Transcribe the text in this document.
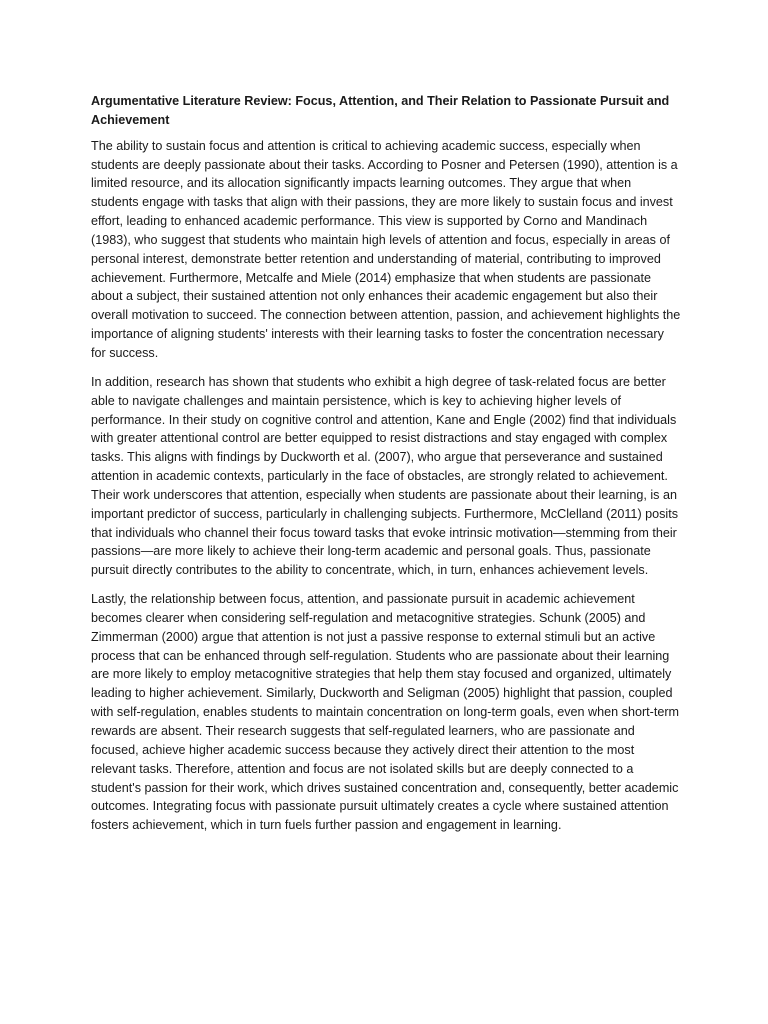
Argumentative Literature Review: Focus, Attention, and Their Relation to Passionate Pursuit and Achievement

The ability to sustain focus and attention is critical to achieving academic success, especially when students are deeply passionate about their tasks. According to Posner and Petersen (1990), attention is a limited resource, and its allocation significantly impacts learning outcomes. They argue that when students engage with tasks that align with their passions, they are more likely to sustain focus and invest effort, leading to enhanced academic performance. This view is supported by Corno and Mandinach (1983), who suggest that students who maintain high levels of attention and focus, especially in areas of personal interest, demonstrate better retention and understanding of material, contributing to improved achievement. Furthermore, Metcalfe and Miele (2014) emphasize that when students are passionate about a subject, their sustained attention not only enhances their academic engagement but also their overall motivation to succeed. The connection between attention, passion, and achievement highlights the importance of aligning students' interests with their learning tasks to foster the concentration necessary for success.

In addition, research has shown that students who exhibit a high degree of task-related focus are better able to navigate challenges and maintain persistence, which is key to achieving higher levels of performance. In their study on cognitive control and attention, Kane and Engle (2002) find that individuals with greater attentional control are better equipped to resist distractions and stay engaged with complex tasks. This aligns with findings by Duckworth et al. (2007), who argue that perseverance and sustained attention in academic contexts, particularly in the face of obstacles, are strongly related to achievement. Their work underscores that attention, especially when students are passionate about their learning, is an important predictor of success, particularly in challenging subjects. Furthermore, McClelland (2011) posits that individuals who channel their focus toward tasks that evoke intrinsic motivation—stemming from their passions—are more likely to achieve their long-term academic and personal goals. Thus, passionate pursuit directly contributes to the ability to concentrate, which, in turn, enhances achievement levels.

Lastly, the relationship between focus, attention, and passionate pursuit in academic achievement becomes clearer when considering self-regulation and metacognitive strategies. Schunk (2005) and Zimmerman (2000) argue that attention is not just a passive response to external stimuli but an active process that can be enhanced through self-regulation. Students who are passionate about their learning are more likely to employ metacognitive strategies that help them stay focused and organized, ultimately leading to higher achievement. Similarly, Duckworth and Seligman (2005) highlight that passion, coupled with self-regulation, enables students to maintain concentration on long-term goals, even when short-term rewards are absent. Their research suggests that self-regulated learners, who are passionate and focused, achieve higher academic success because they actively direct their attention to the most relevant tasks. Therefore, attention and focus are not isolated skills but are deeply connected to a student's passion for their work, which drives sustained concentration and, consequently, better academic outcomes. Integrating focus with passionate pursuit ultimately creates a cycle where sustained attention fosters achievement, which in turn fuels further passion and engagement in learning.
